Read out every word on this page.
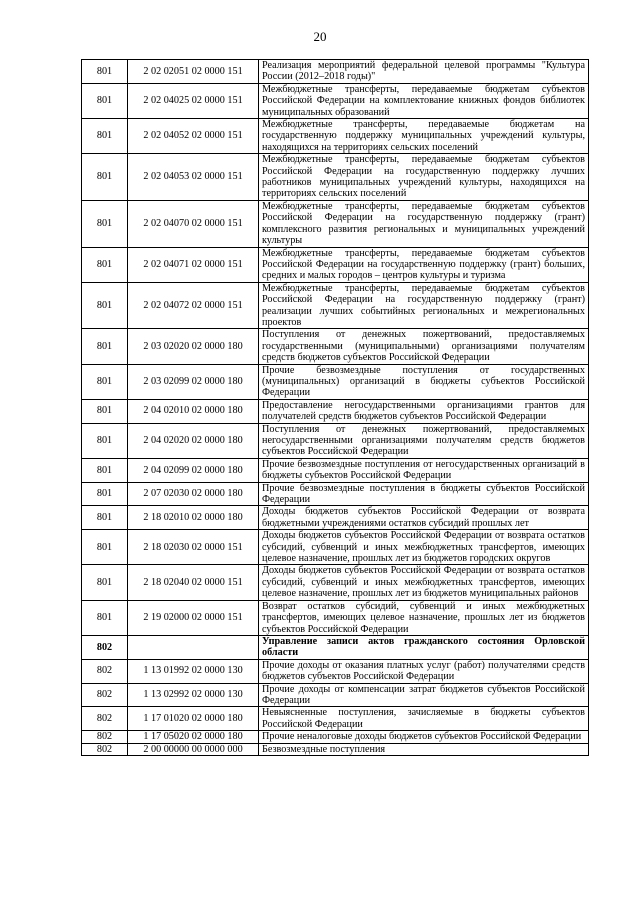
20
801	2 02 02051 02 0000 151	Реализация мероприятий федеральной целевой программы "Культура России (2012–2018 годы)"
801	2 02 04025 02 0000 151	Межбюджетные трансферты, передаваемые бюджетам субъектов Российской Федерации на комплектование книжных фондов библиотек муниципальных образований
801	2 02 04052 02 0000 151	Межбюджетные трансферты, передаваемые бюджетам на государственную поддержку муниципальных учреждений культуры, находящихся на территориях сельских поселений
801	2 02 04053 02 0000 151	Межбюджетные трансферты, передаваемые бюджетам субъектов Российской Федерации на государственную поддержку лучших работников муниципальных учреждений культуры, находящихся на территориях сельских поселений
801	2 02 04070 02 0000 151	Межбюджетные трансферты, передаваемые бюджетам субъектов Российской Федерации на государственную поддержку (грант) комплексного развития региональных и муниципальных учреждений культуры
801	2 02 04071 02 0000 151	Межбюджетные трансферты, передаваемые бюджетам субъектов Российской Федерации на государственную поддержку (грант) больших, средних и малых городов – центров культуры и туризма
801	2 02 04072 02 0000 151	Межбюджетные трансферты, передаваемые бюджетам субъектов Российской Федерации на государственную поддержку (грант) реализации лучших событийных региональных и межрегиональных проектов
801	2 03 02020 02 0000 180	Поступления от денежных пожертвований, предоставляемых государственными (муниципальными) организациями получателям средств бюджетов субъектов Российской Федерации
801	2 03 02099 02 0000 180	Прочие безвозмездные поступления от государственных (муниципальных) организаций в бюджеты субъектов Российской Федерации
801	2 04 02010 02 0000 180	Предоставление негосударственными организациями грантов для получателей средств бюджетов субъектов Российской Федерации
801	2 04 02020 02 0000 180	Поступления от денежных пожертвований, предоставляемых негосударственными организациями получателям средств бюджетов субъектов Российской Федерации
801	2 04 02099 02 0000 180	Прочие безвозмездные поступления от негосударственных организаций в бюджеты субъектов Российской Федерации
801	2 07 02030 02 0000 180	Прочие безвозмездные поступления в бюджеты субъектов Российской Федерации
801	2 18 02010 02 0000 180	Доходы бюджетов субъектов Российской Федерации от возврата бюджетными учреждениями остатков субсидий прошлых лет
801	2 18 02030 02 0000 151	Доходы бюджетов субъектов Российской Федерации от возврата остатков субсидий, субвенций и иных межбюджетных трансфертов, имеющих целевое назначение, прошлых лет из бюджетов городских округов
801	2 18 02040 02 0000 151	Доходы бюджетов субъектов Российской Федерации от возврата остатков субсидий, субвенций и иных межбюджетных трансфертов, имеющих целевое назначение, прошлых лет из бюджетов муниципальных районов
801	2 19 02000 02 0000 151	Возврат остатков субсидий, субвенций и иных межбюджетных трансфертов, имеющих целевое назначение, прошлых лет из бюджетов субъектов Российской Федерации
802		Управление записи актов гражданского состояния Орловской области
802	1 13 01992 02 0000 130	Прочие доходы от оказания платных услуг (работ) получателями средств бюджетов субъектов Российской Федерации
802	1 13 02992 02 0000 130	Прочие доходы от компенсации затрат бюджетов субъектов Российской Федерации
802	1 17 01020 02 0000 180	Невыясненные поступления, зачисляемые в бюджеты субъектов Российской Федерации
802	1 17 05020 02 0000 180	Прочие неналоговые доходы бюджетов субъектов Российской Федерации
802	2 00 00000 00 0000 000	Безвозмездные поступления
